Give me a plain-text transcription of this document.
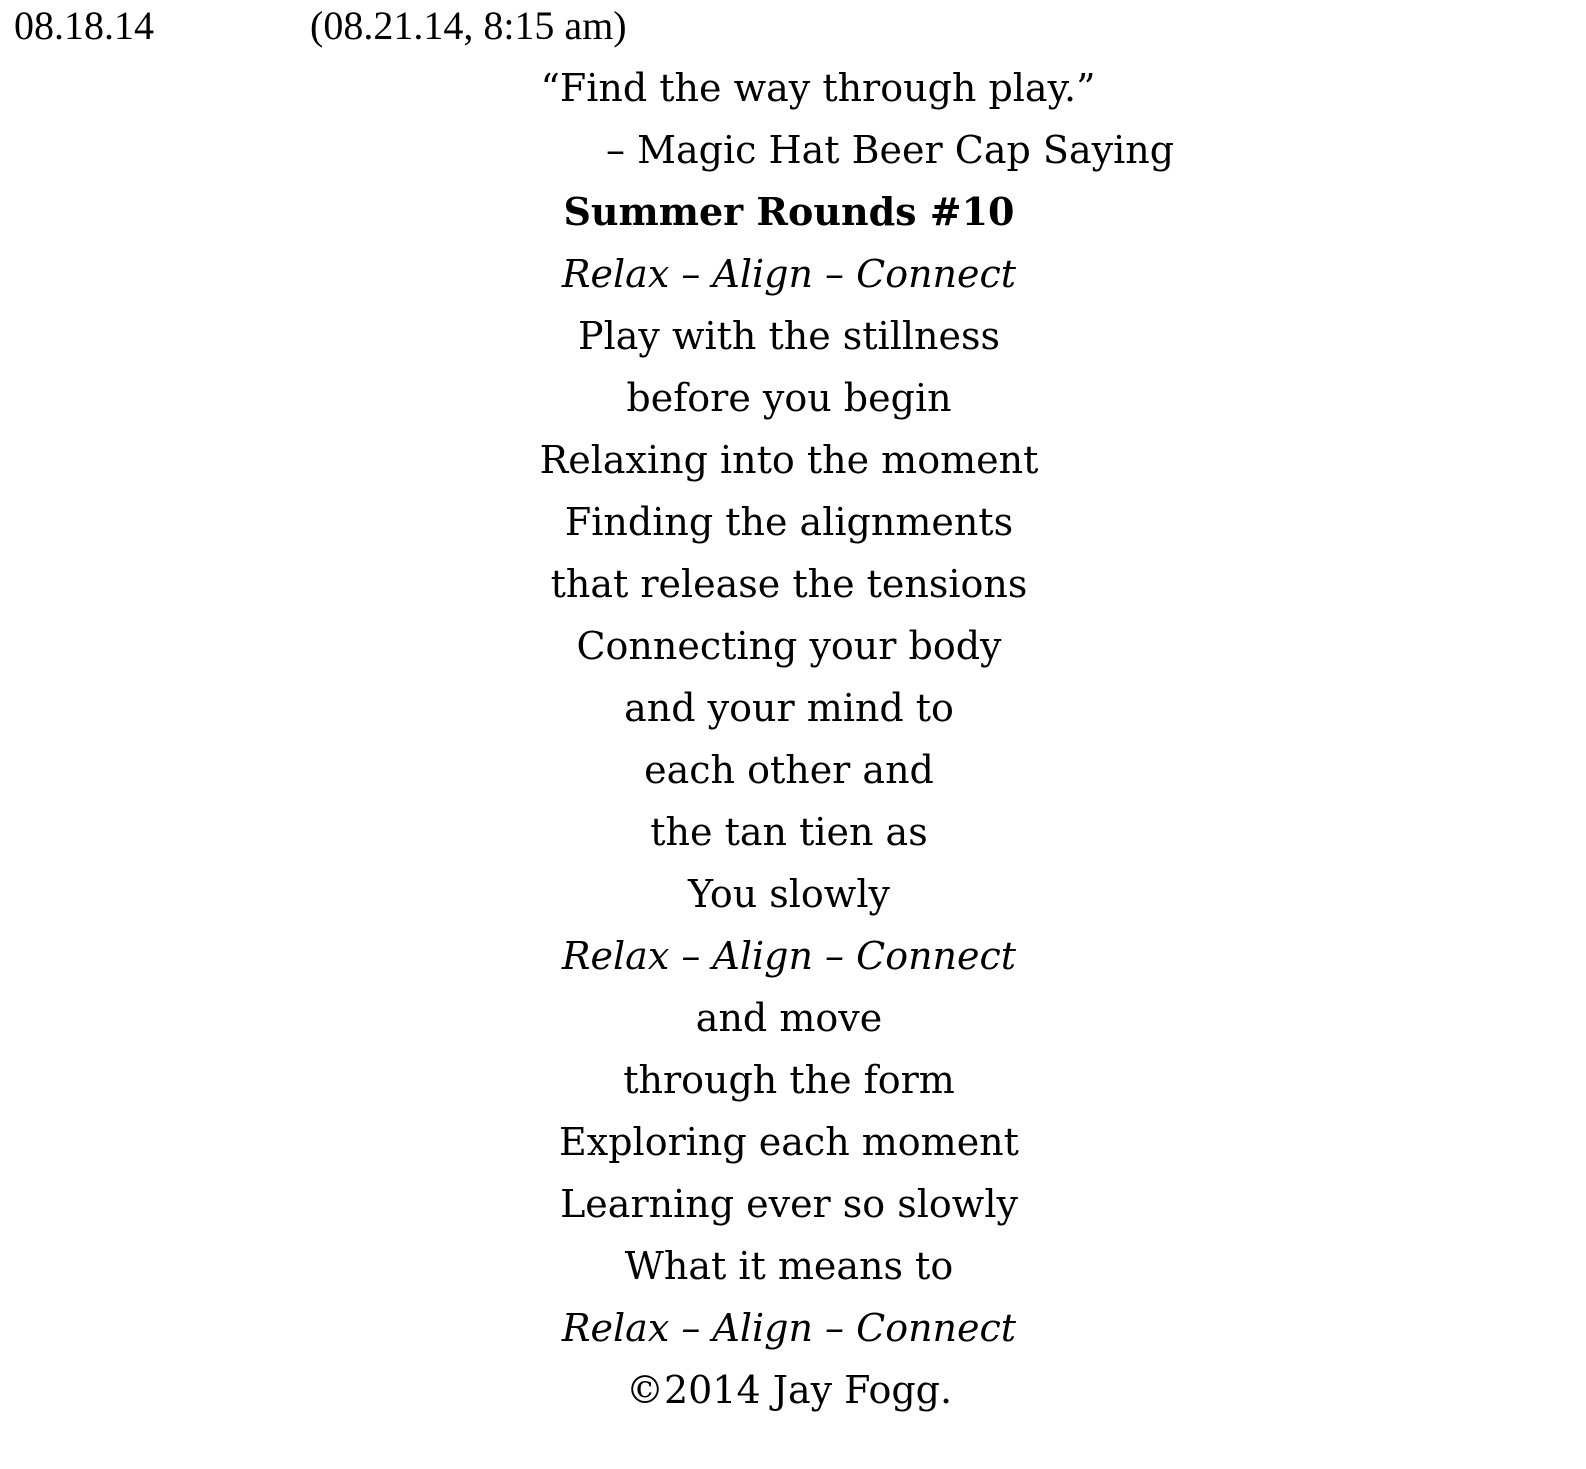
08.18.14	(08.21.14, 8:15 am)
“Find the way through play.”
– Magic Hat Beer Cap Saying
Summer Rounds #10
Relax – Align – Connect
Play with the stillness
before you begin
Relaxing into the moment
Finding the alignments
that release the tensions
Connecting your body
and your mind to
each other and
the tan tien as
You slowly
Relax – Align – Connect
and move
through the form
Exploring each moment
Learning ever so slowly
What it means to
Relax – Align – Connect
©2014 Jay Fogg.
